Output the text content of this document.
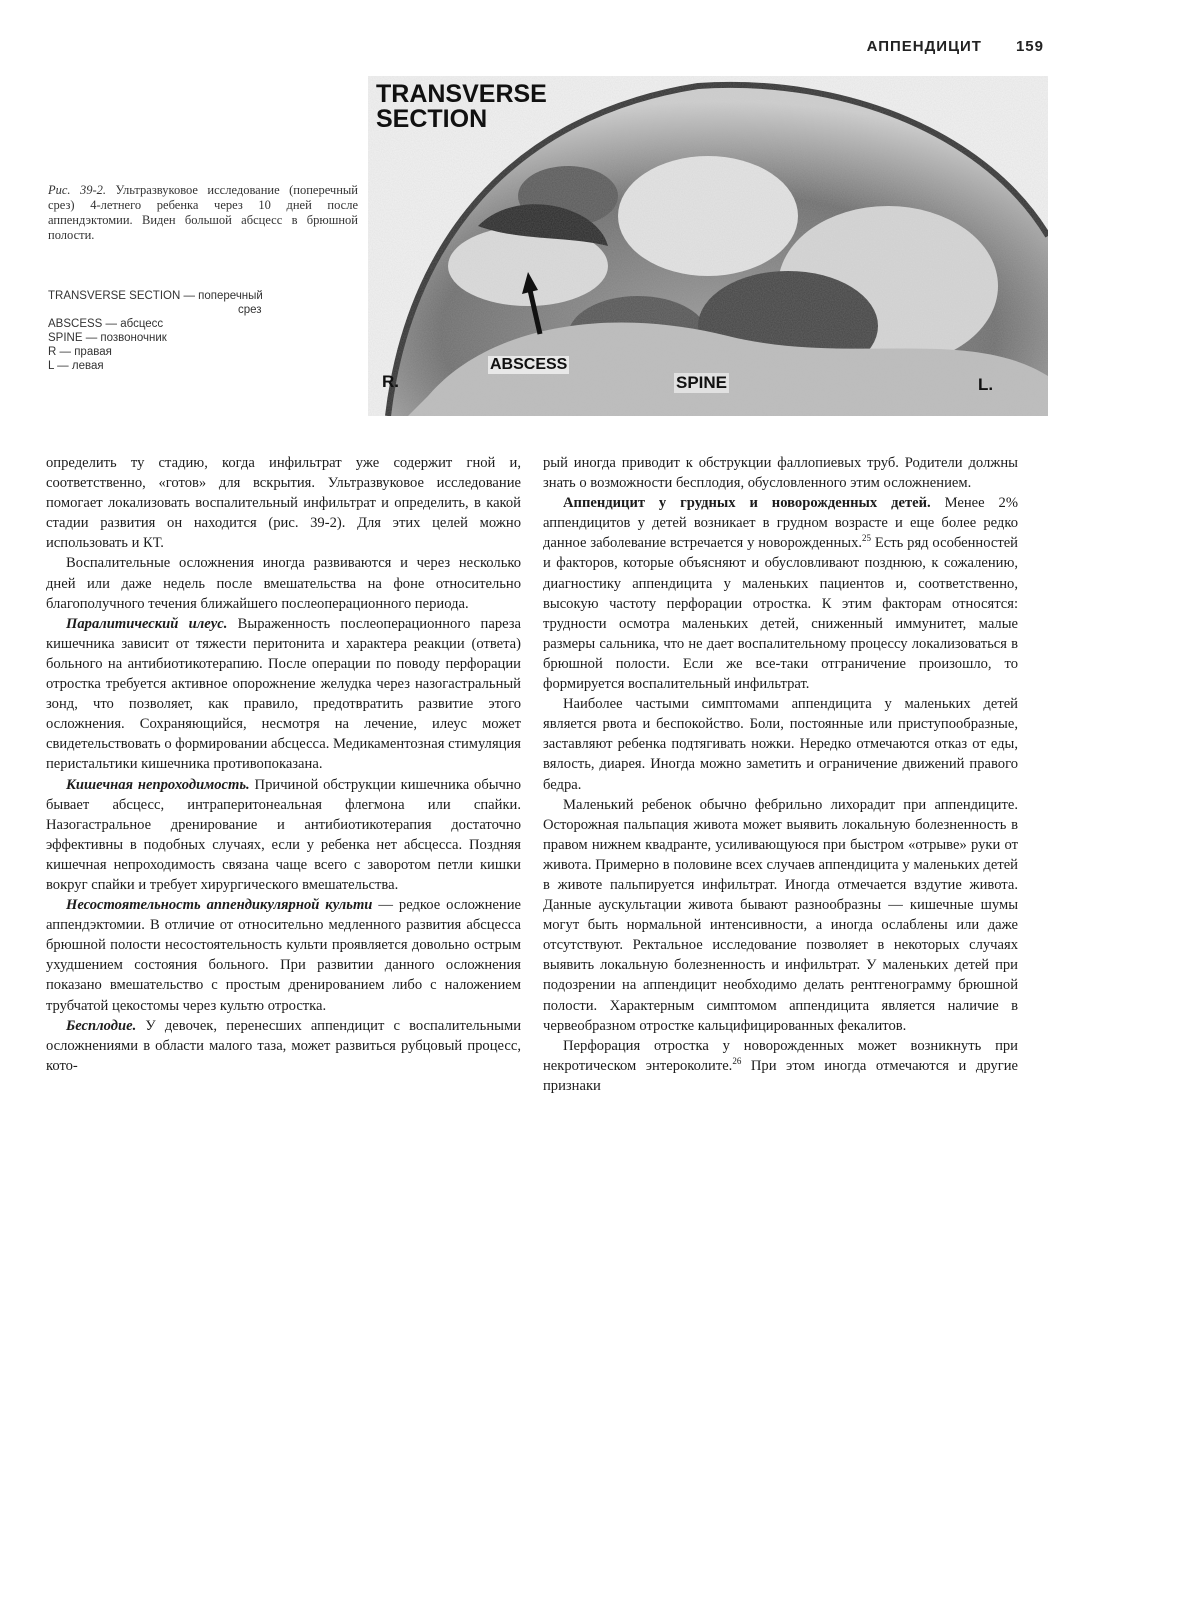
АППЕНДИЦИТ 159
TRANSVERSE
SECTION
R.
ABSCESS
SPINE	L.
Рис. 39-2. Ультразвуковое исследование (поперечный срез) 4-летнего ребенка через 10 дней после аппендэктомии. Виден большой абсцесс в брюшной полости.
TRANSVERSE SECTION — поперечный
срез
ABSCESS — абсцесс
SPINE — позвоночник
R — правая
L — левая

определить ту стадию, когда инфильтрат уже содержит гной и, соответственно, «готов» для вскрытия. Ультразвуковое исследование помогает локализовать воспалительный инфильтрат и определить, в какой стадии развития он находится (рис. 39-2). Для этих целей можно использовать и КТ.

Воспалительные осложнения иногда развиваются и через несколько дней или даже недель после вмешательства на фоне относительно благополучного течения ближайшего послеоперационного периода.

Паралитический илеус. Выраженность послеоперационного пареза кишечника зависит от тяжести перитонита и характера реакции (ответа) больного на антибиотикотерапию. После операции по поводу перфорации отростка требуется активное опорожнение желудка через назогастральный зонд, что позволяет, как правило, предотвратить развитие этого осложнения. Сохраняющийся, несмотря на лечение, илеус может свидетельствовать о формировании абсцесса. Медикаментозная стимуляция перистальтики кишечника противопоказана.

Кишечная непроходимость. Причиной обструкции кишечника обычно бывает абсцесс, интраперитонеальная флегмона или спайки. Назогастральное дренирование и антибиотикотерапия достаточно эффективны в подобных случаях, если у ребенка нет абсцесса. Поздняя кишечная непроходимость связана чаще всего с заворотом петли кишки вокруг спайки и требует хирургического вмешательства.

Несостоятельность аппендикулярной культи — редкое осложнение аппендэктомии. В отличие от относительно медленного развития абсцесса брюшной полости несостоятельность культи проявляется довольно острым ухудшением состояния больного. При развитии данного осложнения показано вмешательство с простым дренированием либо с наложением трубчатой цекостомы через культю отростка.

Бесплодие. У девочек, перенесших аппендицит с воспалительными осложнениями в области малого таза, может развиться рубцовый процесс, кото-

рый иногда приводит к обструкции фаллопиевых труб. Родители должны знать о возможности бесплодия, обусловленного этим осложнением.

Аппендицит у грудных и новорожденных детей. Менее 2% аппендицитов у детей возникает в грудном возрасте и еще более редко данное заболевание встречается у новорожденных.$^{25}$ Есть ряд особенностей и факторов, которые объясняют и обусловливают позднюю, к сожалению, диагностику аппендицита у маленьких пациентов и, соответственно, высокую частоту перфорации отростка. К этим факторам относятся: трудности осмотра маленьких детей, сниженный иммунитет, малые размеры сальника, что не дает воспалительному процессу локализоваться в брюшной полости. Если же все-таки отграничение произошло, то формируется воспалительный инфильтрат.

Наиболее частыми симптомами аппендицита у маленьких детей является рвота и беспокойство. Боли, постоянные или приступообразные, заставляют ребенка подтягивать ножки. Нередко отмечаются отказ от еды, вялость, диарея. Иногда можно заметить и ограничение движений правого бедра.

Маленький ребенок обычно фебрильно лихорадит при аппендиците. Осторожная пальпация живота может выявить локальную болезненность в правом нижнем квадранте, усиливающуюся при быстром «отрыве» руки от живота. Примерно в половине всех случаев аппендицита у маленьких детей в животе пальпируется инфильтрат. Иногда отмечается вздутие живота. Данные аускультации живота бывают разнообразны — кишечные шумы могут быть нормальной интенсивности, а иногда ослаблены или даже отсутствуют. Ректальное исследование позволяет в некоторых случаях выявить локальную болезненность и инфильтрат. У маленьких детей при подозрении на аппендицит необходимо делать рентгенограмму брюшной полости. Характерным симптомом аппендицита является наличие в червеобразном отростке кальцифицированных фекалитов.

Перфорация отростка у новорожденных может возникнуть при некротическом энтероколите.$^{26}$ При этом иногда отмечаются и другие признаки
